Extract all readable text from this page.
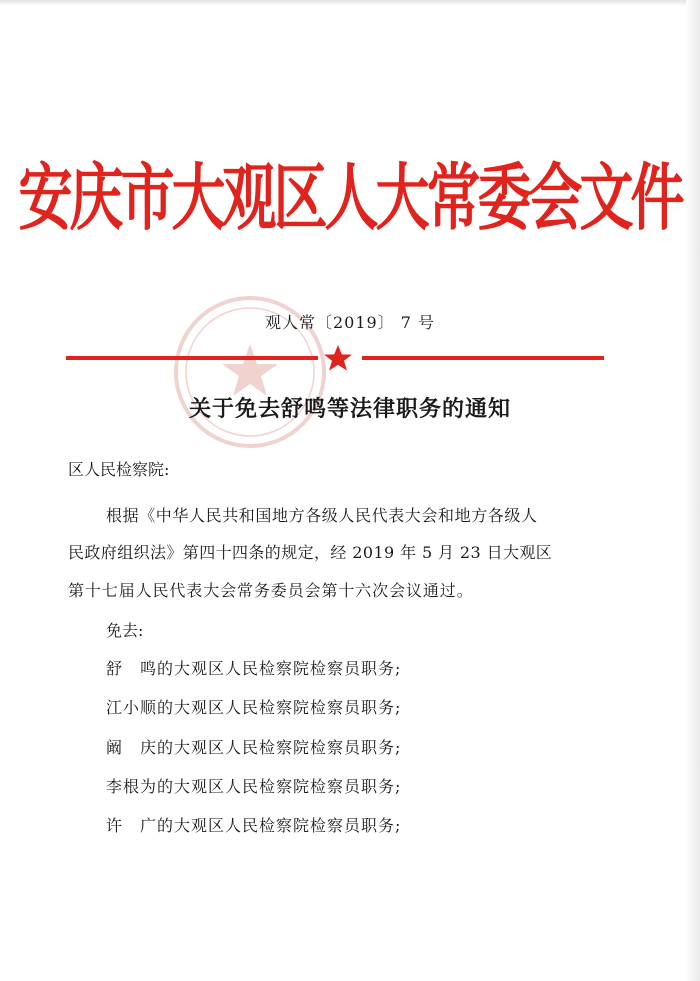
安庆市大观区人大常委会文件
观人常〔2019〕 7 号
关于免去舒鸣等法律职务的通知
区人民检察院:
根据《中华人民共和国地方各级人民代表大会和地方各级人
民政府组织法》第四十四条的规定，经 2019 年 5 月 23 日大观区
第十七届人民代表大会常务委员会第十六次会议通过。
免去:
舒　鸣的大观区人民检察院检察员职务;
江小顺的大观区人民检察院检察员职务;
阚　庆的大观区人民检察院检察员职务;
李根为的大观区人民检察院检察员职务;
许　广的大观区人民检察院检察员职务;
